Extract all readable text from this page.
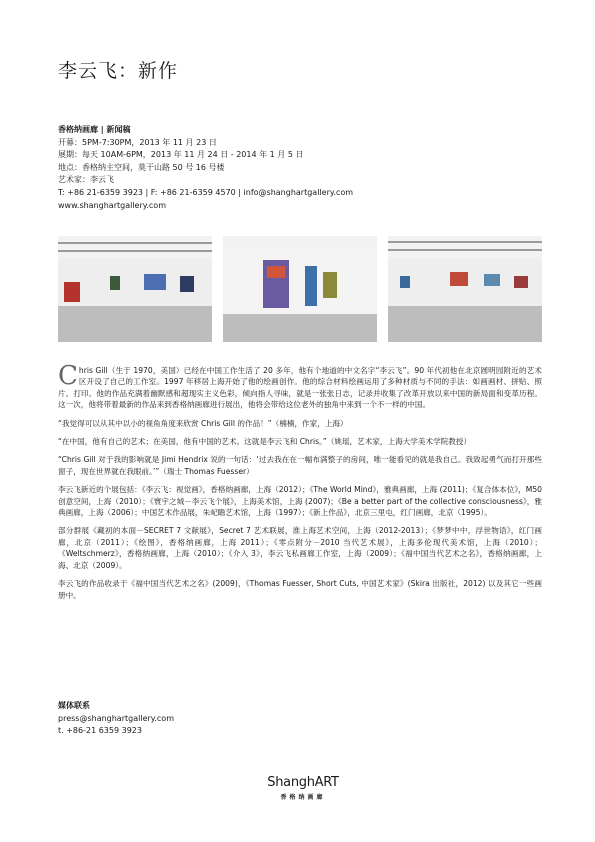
李云飞：新作
香格纳画廊 | 新闻稿
开幕：5PM-7:30PM，2013 年 11 月 23 日
展期：每天 10AM-6PM，2013 年 11 月 24 日 - 2014 年 1 月 5 日
地点：香格纳主空间，莫干山路 50 号 16 号楼
艺术家：李云飞
T: +86 21-6359 3923 | F: +86 21-6359 4570 | info@shanghartgallery.com
www.shanghartgallery.com

Chris Gill（生于 1970，美国）已经在中国工作生活了 20 多年，他有个地道的中文名字“李云飞”。90 年代初他在北京圆明园附近的艺术区开设了自己的工作室。1997 年移居上海开始了他的绘画创作。他的综合材料绘画运用了多种材质与不同的手法：如画画材、拼贴、照片、打印。他的作品充满着幽默感和超现实主义色彩，倾向指人寻味，就是一张张日志，记录并收集了改革开放以来中国的新局面和变革历程。这一次，他将带着最新的作品来到香格纳画廊进行展出，他将会带给这位老外的独角中来到一个不一样的中国。

“我觉得可以从其中以小的视角角度来欣赏 Chris Gill 的作品！”（楠楠，作家，上海）

“在中国，他有自己的艺术；在美国，他有中国的艺术。这就是李云飞和 Chris。”（姚瑶，艺术家，上海大学美术学院教授）

“Chris Gill 对于我的影响就是 Jimi Hendrix 说的一句话：‘过去我在在一幅布满整子的房间，唯一能看见的就是我自己。我致起勇气而打开那些窗子，现在世界就在我眼前。’”（瑞士 Thomas Fuesser）

李云飞新近的个展包括：《李云飞：视觉画》，香格纳画廊，上海（2012）；《The World Mind》，雅典画廊，上海 (2011)；《复合体本位》，M50 创意空间，上海（2010）；《寰宇之城－李云飞个展》，上海美术馆，上海 (2007)；《Be a better part of the collective consciousness》，雅典画廊，上海（2006）；中国艺术作品展，朱屺瞻艺术馆，上海（1997）；《新上作品》，北京三里屯，红门画廊，北京（1995）。

部分群展《藏初的本面－SECRET 7 文献展》，Secret 7 艺术联展，淮上海艺术空间，上海（2012-2013）；《梦梦中中，浮世物语》，红门画廊，北京（2011）；《绘图》，香格纳画廊，上海 2011）；《零点附分－2010 当代艺术展》，上海多伦现代美术馆，上海（2010）；《Weltschmerz》，香格纳画廊，上海（2010）；《介入 3》，李云飞私画廊工作室，上海（2009）；《福中国当代艺术之名》，香格纳画廊，上海、北京（2009）。

李云飞的作品收录于《福中国当代艺术之名》(2009)，《Thomas Fuesser, Short Cuts, 中国艺术家》(Skira 出版社，2012) 以及其它一些画册中。

媒体联系
press@shanghartgallery.com
t. +86-21 6359 3923
ShanghART
香格纳画廊
